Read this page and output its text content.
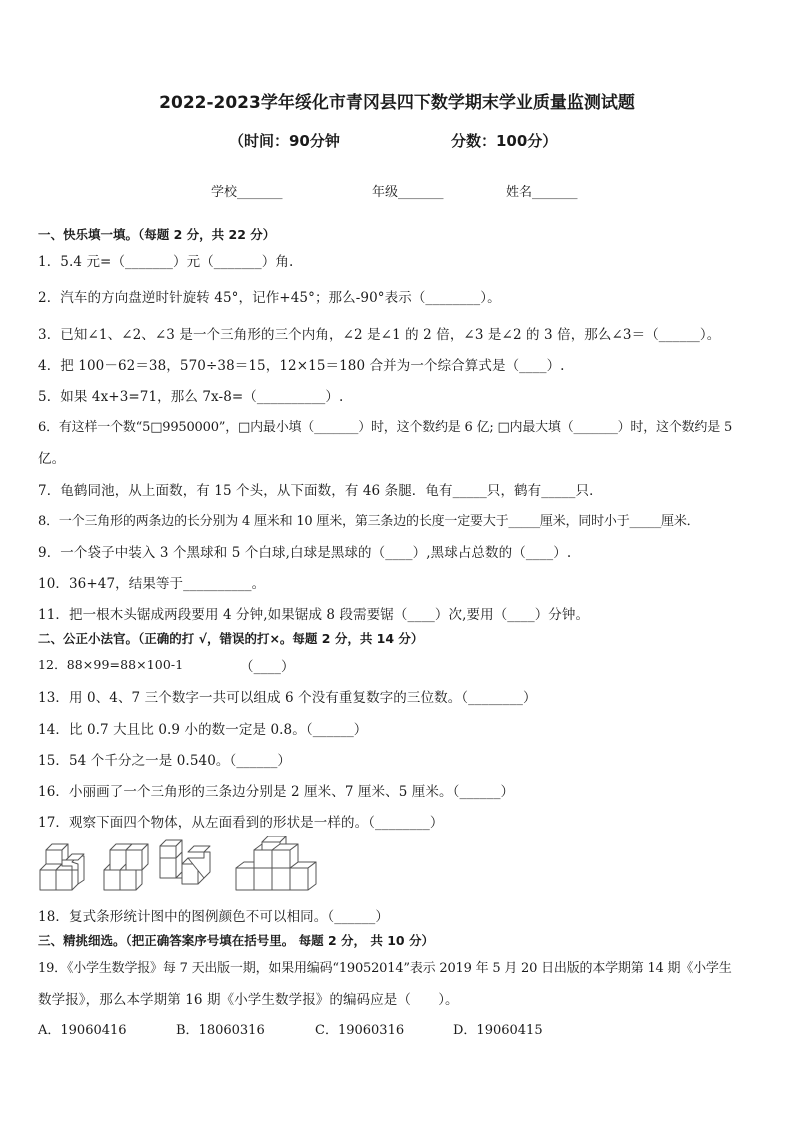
2022-2023学年绥化市青冈县四下数学期末学业质量监测试题
（时间：90分钟	分数：100分）
学校_______	年级_______	姓名_______
一、快乐填一填。（每题 2 分，共 22 分）
1．5.4 元=（_______）元（_______）角.
2．汽车的方向盘逆时针旋转 45°，记作+45°；那么-90°表示（________）。
3．已知∠1、∠2、∠3 是一个三角形的三个内角，∠2 是∠1 的 2 倍，∠3 是∠2 的 3 倍，那么∠3＝（______）。
4．把 100－62＝38，570÷38＝15，12×15＝180 合并为一个综合算式是（____）.
5．如果 4x+3=71，那么 7x-8=（__________）.
6．有这样一个数“5□9950000”，□内最小填（_______）时，这个数约是 6 亿; □内最大填（_______）时，这个数约是 5
亿。
7．龟鹤同池，从上面数，有 15 个头，从下面数，有 46 条腿．龟有_____只，鹤有_____只．
8．一个三角形的两条边的长分别为 4 厘米和 10 厘米，第三条边的长度一定要大于_____厘米，同时小于_____厘米．
9．一个袋子中装入 3 个黑球和 5 个白球,白球是黑球的（____）,黑球占总数的（____）.
10．36+47，结果等于__________。
11．把一根木头锯成两段要用 4 分钟,如果锯成 8 段需要锯（____）次,要用（____）分钟。
二、公正小法官。（正确的打 √，错误的打×。每题 2 分，共 14 分）
12．88×99=88×100-1	（____）
13．用 0、4、7 三个数字一共可以组成 6 个没有重复数字的三位数。（________）
14．比 0.7 大且比 0.9 小的数一定是 0.8。（______）
15．54 个千分之一是 0.540。（______）
16．小丽画了一个三角形的三条边分别是 2 厘米、7 厘米、5 厘米。（______）
17．观察下面四个物体，从左面看到的形状是一样的。（________）
18．复式条形统计图中的图例颜色不可以相同。（______）
三、精挑细选。（把正确答案序号填在括号里。 每题 2 分， 共 10 分）
19．《小学生数学报》每 7 天出版一期，如果用编码“19052014”表示 2019 年 5 月 20 日出版的本学期第 14 期《小学生
数学报》，那么本学期第 16 期《小学生数学报》的编码应是（　　）。
A．19060416	B．18060316	C．19060316	D．19060415
